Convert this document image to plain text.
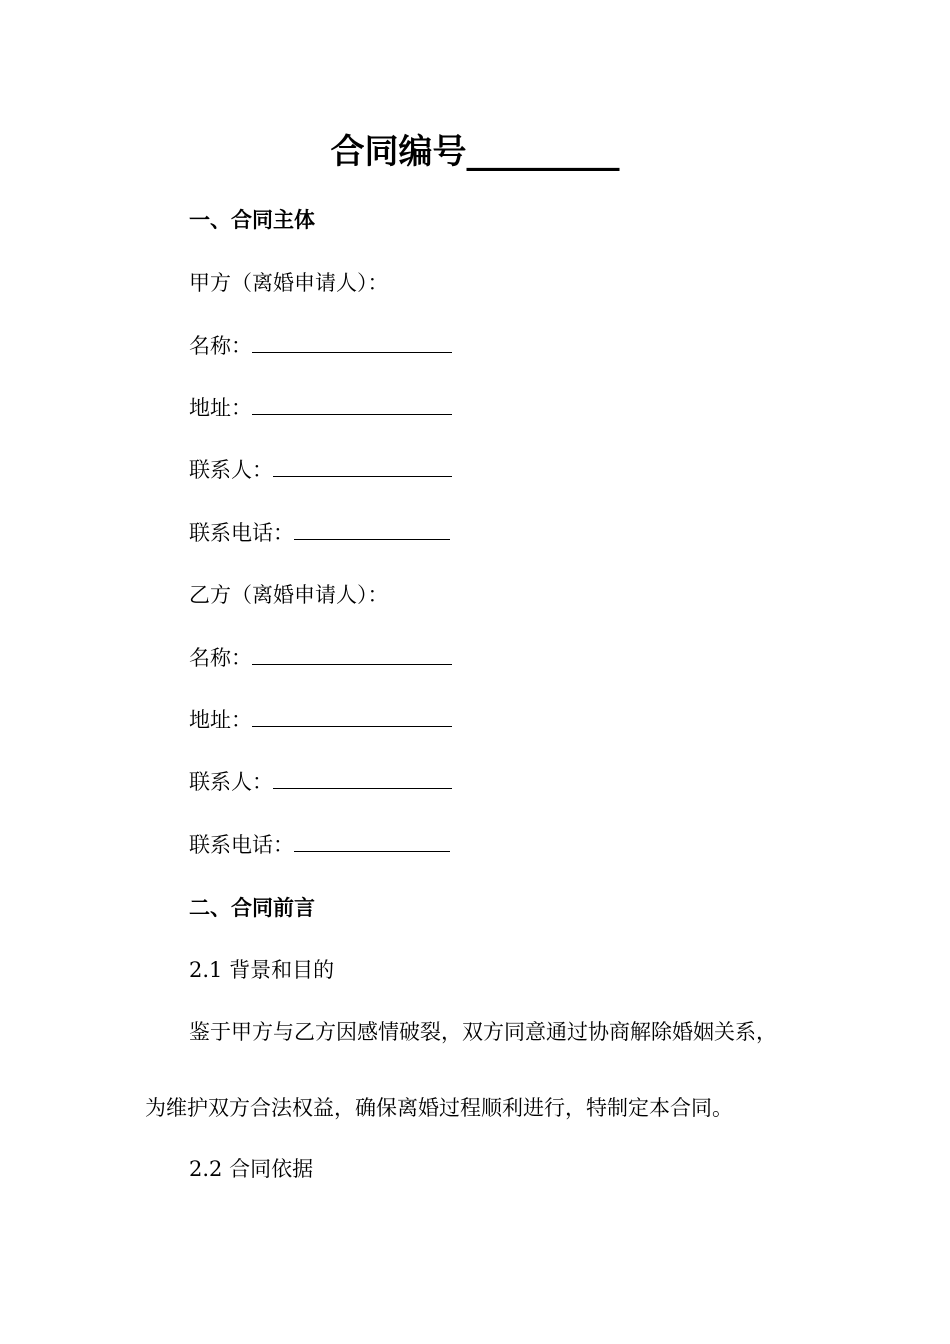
合同编号_________

一、合同主体

甲方（离婚申请人）：

名称：

地址：

联系人：

联系电话：

乙方（离婚申请人）：

名称：

地址：

联系人：

联系电话：

二、合同前言

2.1 背景和目的

鉴于甲方与乙方因感情破裂，双方同意通过协商解除婚姻关系，

为维护双方合法权益，确保离婚过程顺利进行，特制定本合同。

2.2 合同依据
